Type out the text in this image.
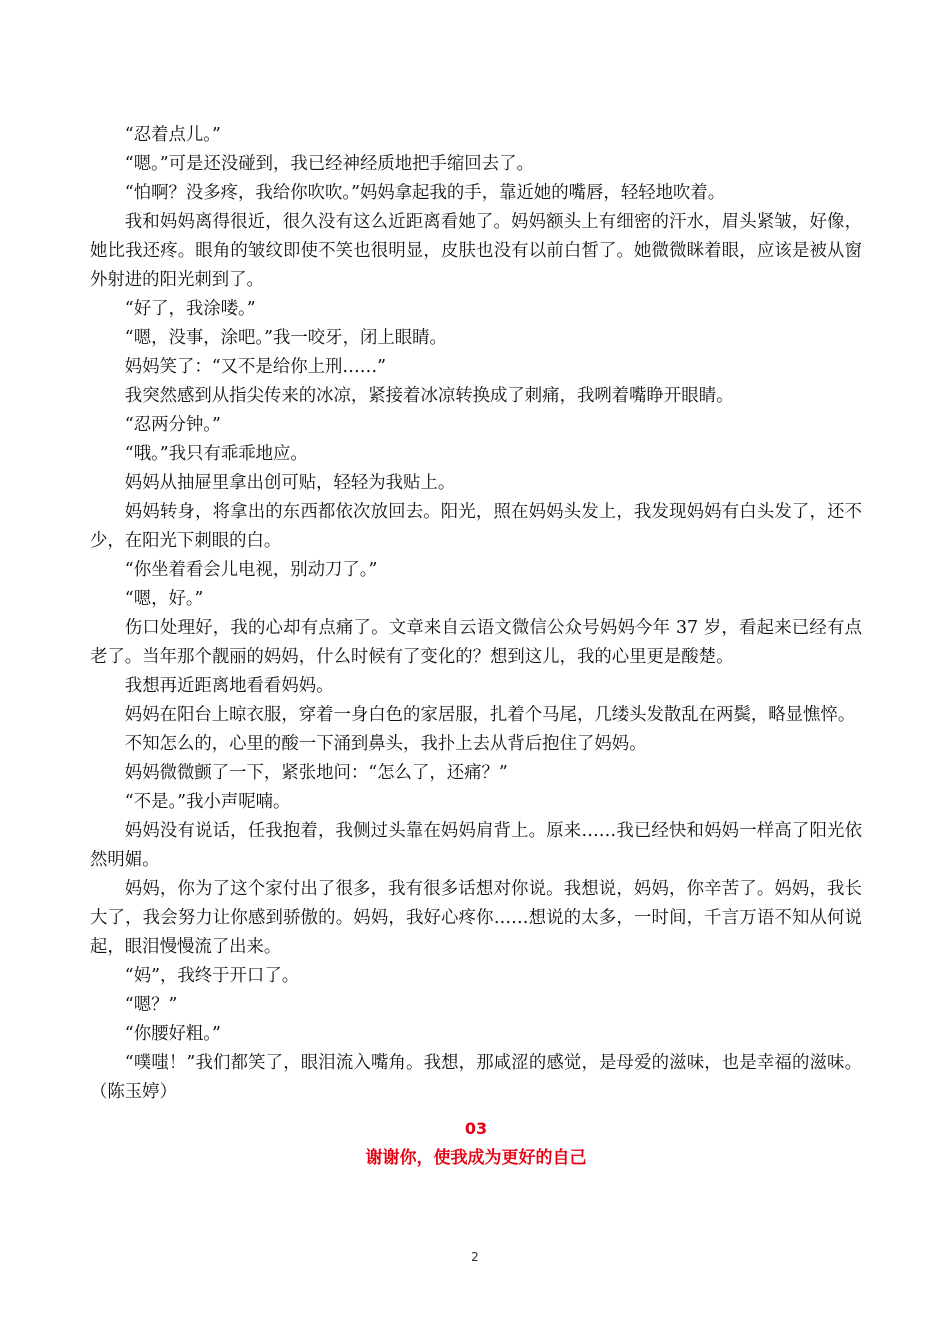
“忍着点儿。”

“嗯。”可是还没碰到，我已经神经质地把手缩回去了。

“怕啊？没多疼，我给你吹吹。”妈妈拿起我的手，靠近她的嘴唇，轻轻地吹着。

我和妈妈离得很近，很久没有这么近距离看她了。妈妈额头上有细密的汗水，眉头紧皱，好像，她比我还疼。眼角的皱纹即使不笑也很明显，皮肤也没有以前白皙了。她微微眯着眼，应该是被从窗外射进的阳光刺到了。

“好了，我涂喽。”

“嗯，没事，涂吧。”我一咬牙，闭上眼睛。

妈妈笑了：“又不是给你上刑……”

我突然感到从指尖传来的冰凉，紧接着冰凉转换成了刺痛，我咧着嘴睁开眼睛。

“忍两分钟。”

“哦。”我只有乖乖地应。

妈妈从抽屉里拿出创可贴，轻轻为我贴上。

妈妈转身，将拿出的东西都依次放回去。阳光，照在妈妈头发上，我发现妈妈有白头发了，还不少，在阳光下刺眼的白。

“你坐着看会儿电视，别动刀了。”

“嗯，好。”

伤口处理好，我的心却有点痛了。文章来自云语文微信公众号妈妈今年 37 岁，看起来已经有点老了。当年那个靓丽的妈妈，什么时候有了变化的？想到这儿，我的心里更是酸楚。

我想再近距离地看看妈妈。

妈妈在阳台上晾衣服，穿着一身白色的家居服，扎着个马尾，几缕头发散乱在两鬓，略显憔悴。

不知怎么的，心里的酸一下涌到鼻头，我扑上去从背后抱住了妈妈。

妈妈微微颤了一下，紧张地问：“怎么了，还痛？”

“不是。”我小声呢喃。

妈妈没有说话，任我抱着，我侧过头靠在妈妈肩背上。原来……我已经快和妈妈一样高了阳光依然明媚。

妈妈，你为了这个家付出了很多，我有很多话想对你说。我想说，妈妈，你辛苦了。妈妈，我长大了，我会努力让你感到骄傲的。妈妈，我好心疼你……想说的太多，一时间，千言万语不知从何说起，眼泪慢慢流了出来。

“妈”，我终于开口了。

“嗯？”

“你腰好粗。”

“噗嗤！”我们都笑了，眼泪流入嘴角。我想，那咸涩的感觉，是母爱的滋味，也是幸福的滋味。 （陈玉婷）

03

谢谢你，使我成为更好的自己

2
